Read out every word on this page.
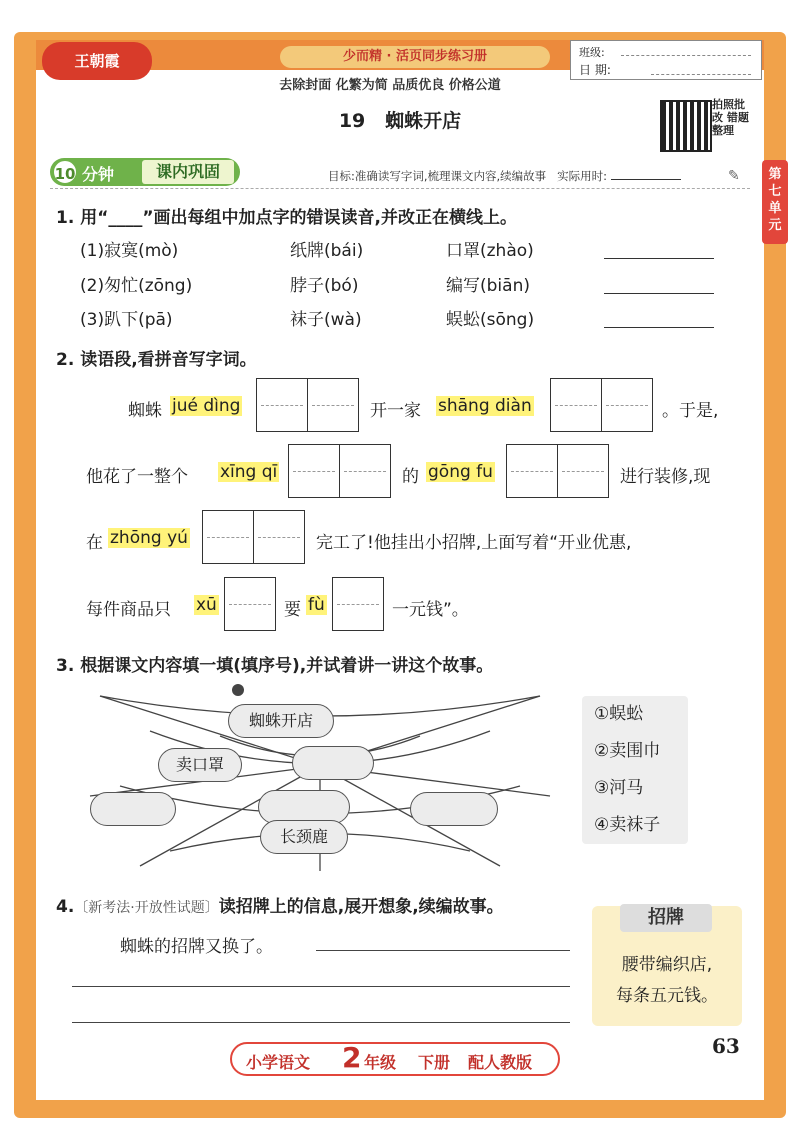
王朝霞	少而精 · 活页同步练习册	班级:
日 期:
去除封面 化繁为简 品质优良 价格公道
拍照批改 错题整理
19 蜘蛛开店
第七单元
10 分钟	课内巩固	目标:准确读写字词,梳理课文内容,续编故事 实际用时:	✎
1. 用“____”画出每组中加点字的错误读音,并改正在横线上。
(1)寂寞(mò)	纸牌(bái)	口罩(zhào)
(2)匆忙(zōng)	脖子(bó)	编写(biān)
(3)趴下(pā)	袜子(wà)	蜈蚣(sōng)
2. 读语段,看拼音写字词。
蜘蛛 jué dìng	开一家 shāng diàn	。于是,
他花了一整个 xīng qī	的 gōng fu	进行装修,现
在 zhōng yú	完工了!他挂出小招牌,上面写着“开业优惠,
每件商品只 xū	要 fù	一元钱”。
3. 根据课文内容填一填(填序号),并试着讲一讲这个故事。
蜘蛛开店
卖口罩
长颈鹿
①蜈蚣
②卖围巾
③河马
④卖袜子
4.〔新考法·开放性试题〕读招牌上的信息,展开想象,续编故事。
蜘蛛的招牌又换了。
招牌
腰带编织店,
每条五元钱。
小学语文 2 年级 下册 配人教版
63
